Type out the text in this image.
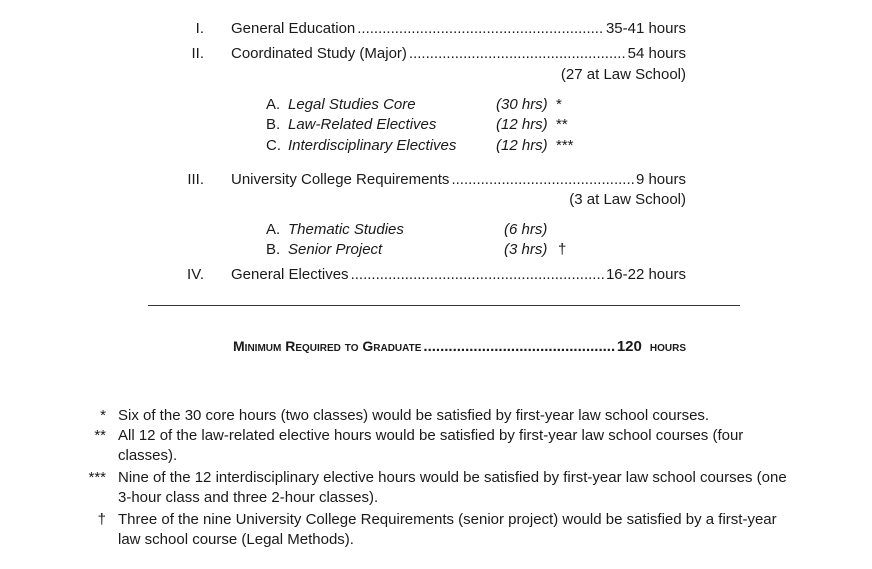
I. General Education .....	35-41 hours
II. Coordinated Study (Major) .....	54 hours
(27 at Law School)
A. Legal Studies Core	(30 hrs) *
B. Law-Related Electives	(12 hrs) **
C. Interdisciplinary Electives	(12 hrs) ***
III. University College Requirements .....	9 hours
(3 at Law School)
A. Thematic Studies	(6 hrs)
B. Senior Project	(3 hrs) †
IV. General Electives .....	16-22 hours
Minimum Required to Graduate .....	120 hours
* Six of the 30 core hours (two classes) would be satisfied by first-year law school courses.
** All 12 of the law-related elective hours would be satisfied by first-year law school courses (four classes).
*** Nine of the 12 interdisciplinary elective hours would be satisfied by first-year law school courses (one 3-hour class and three 2-hour classes).
† Three of the nine University College Requirements (senior project) would be satisfied by a first-year law school course (Legal Methods).
